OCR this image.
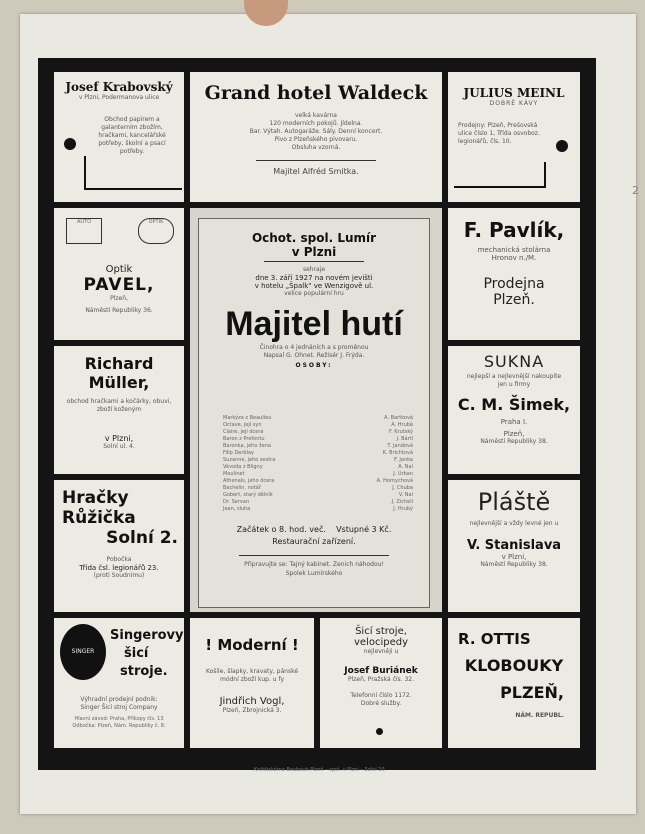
2
Josef Krabovský
v Plzni, Podermanova ulice
Obchod papírem a galanterním zbožím, hračkami, kancelářské potřeby, školní a psací potřeby.
Grand hotel Waldeck
velká kavárna
120 moderních pokojů. Jídelna.
Bar. Výtah. Autogaráže. Sály. Denní koncert.
Pivo z Plzeňského pivovaru.
Obsluha vzorná.
Majitel Alfréd Smitka.
JULIUS MEINL
DOBRÉ KÁVY
Prodejny: Plzeň, Prešovská ulice číslo 1, Třída osvoboz. legionářů, čís. 10.
AUTO	OPTIK
Optik
PAVEL,
Plzeň,
Náměstí Republiky 36.
Richard
Müller,
obchod hračkami a kočárky, obuvi, zboží koženým
v Plzni,
Solní ul. 4.
Hračky
Růžička
Solní 2.
Pobočka
Třída čsl. legionářů 23.
(proti Soudnímu)
SINGER
Singerovy
šicí
stroje.
Výhradní prodejní podnik:
Singer Šicí stroj Company
Hlavní závod: Praha, Příkopy čís. 13
Odbočka: Plzeň, Nám. Republiky č. 8.
! Moderní !
Košile, šlapky, kravaty, pánské módní zboží kup. u fy
Jindřich Vogl,
Plzeň, Zbrojnická 3.
Šicí stroje,
velocipedy
nejlevněji u
Josef Buriánek
Plzeň, Pražská čís. 32.
Telefonní číslo 1172.
Dobré služby.
F. Pavlík,
mechanická stolárna
Hronov n./M.
Prodejna
Plzeň.
SUKNA
nejlepší a nejlevnější nakoupíte jen u firmy
C. M. Šimek,
Praha I.
Plzeň,
Náměstí Republiky 38.
Pláště
nejlevnější a vždy levné jen u
V. Stanislava
v Plzni,
Náměstí Republiky 38.
R. OTTIS
KLOBOUKY
PLZEŇ,
NÁM. REPUBL.
Ochot. spol. Lumír
v Plzni
sehraje
dne 3. září 1927 na novém jevišti
v hotelu „Špalk" ve Wenzigově ul.
velice populární hru
Majitel hutí
Činohra o 4 jednáních a s proměnou
Napsal G. Ohnet. Režisér J. Frýda.
OSOBY:
Markýza z Beaulieu	A. Bartková
Octave, její syn	A. Hrubá
Claire, její dcera	F. Krutský
Baron z Prefontu	J. Bártl
Baronka, jeho žena	T. Jandová
Filip Derblay	K. Brichtová
Suzanne, jeho sestra	F. Janka
Vévoda z Bligny	A. Nal
Moulinet	J. Urban
Athenaïs, jeho dcera	A. Hornychová
Bachelin, notář	J. Chuba
Gobert, starý dělník	V. Nal
Dr. Servan	J. Zicheli
Jean, sluha	J. Hrubý
Začátek o 8. hod. več. Vstupné 3 Kč.
Restaurační zařízení.
Připravujte se: Tajný kabinet. Zenich náhodou!
Spolek Lumírského
Knihtiskárna Baubauh Plzeň – spol. v Plzni – Solní 10.
